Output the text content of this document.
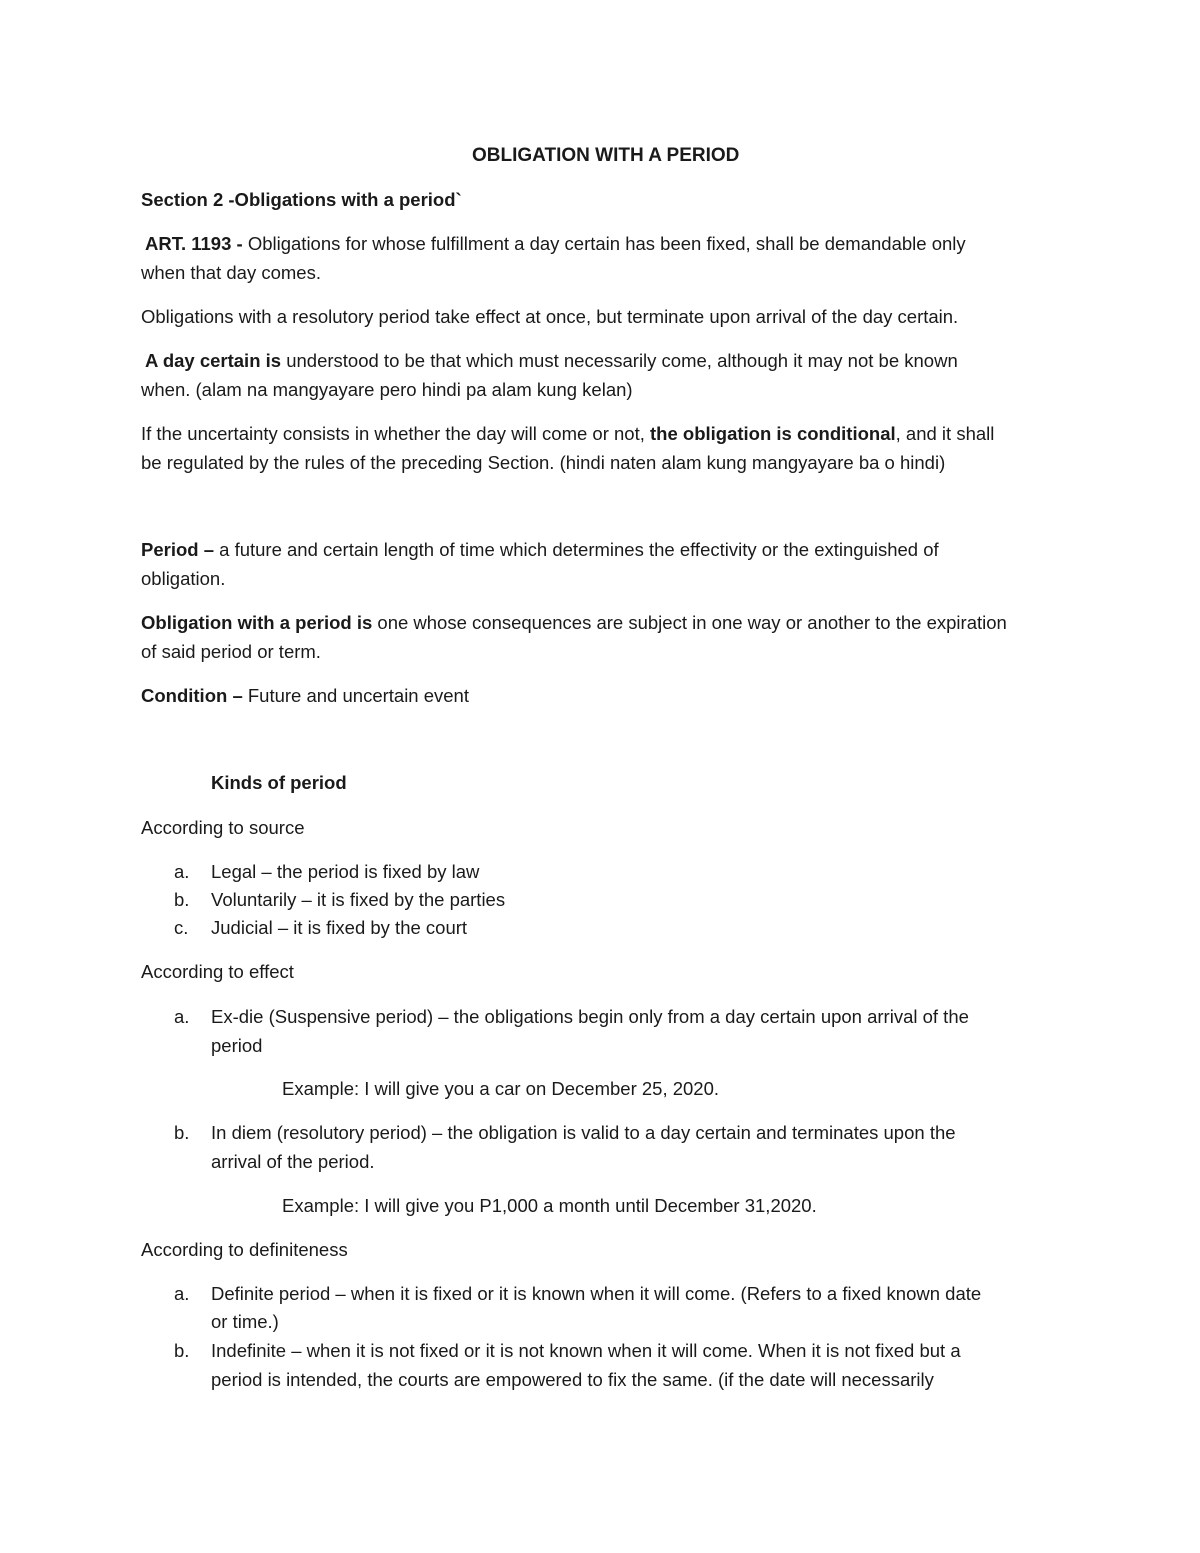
OBLIGATION WITH A PERIOD
Section 2 -Obligations with a period`
ART. 1193 - Obligations for whose fulfillment a day certain has been fixed, shall be demandable only
when that day comes.
Obligations with a resolutory period take effect at once, but terminate upon arrival of the day certain.
A day certain is understood to be that which must necessarily come, although it may not be known
when. (alam na mangyayare pero hindi pa alam kung kelan)
If the uncertainty consists in whether the day will come or not, the obligation is conditional, and it shall
be regulated by the rules of the preceding Section. (hindi naten alam kung mangyayare ba o hindi)
Period – a future and certain length of time which determines the effectivity or the extinguished of
obligation.
Obligation with a period is one whose consequences are subject in one way or another to the expiration
of said period or term.
Condition – Future and uncertain event
Kinds of period
According to source
a. Legal – the period is fixed by law
b. Voluntarily – it is fixed by the parties
c. Judicial – it is fixed by the court
According to effect
a. Ex-die (Suspensive period) – the obligations begin only from a day certain upon arrival of the
period
Example: I will give you a car on December 25, 2020.
b. In diem (resolutory period) – the obligation is valid to a day certain and terminates upon the
arrival of the period.
Example: I will give you P1,000 a month until December 31,2020.
According to definiteness
a. Definite period – when it is fixed or it is known when it will come. (Refers to a fixed known date
or time.)
b. Indefinite – when it is not fixed or it is not known when it will come. When it is not fixed but a
period is intended, the courts are empowered to fix the same. (if the date will necessarily
